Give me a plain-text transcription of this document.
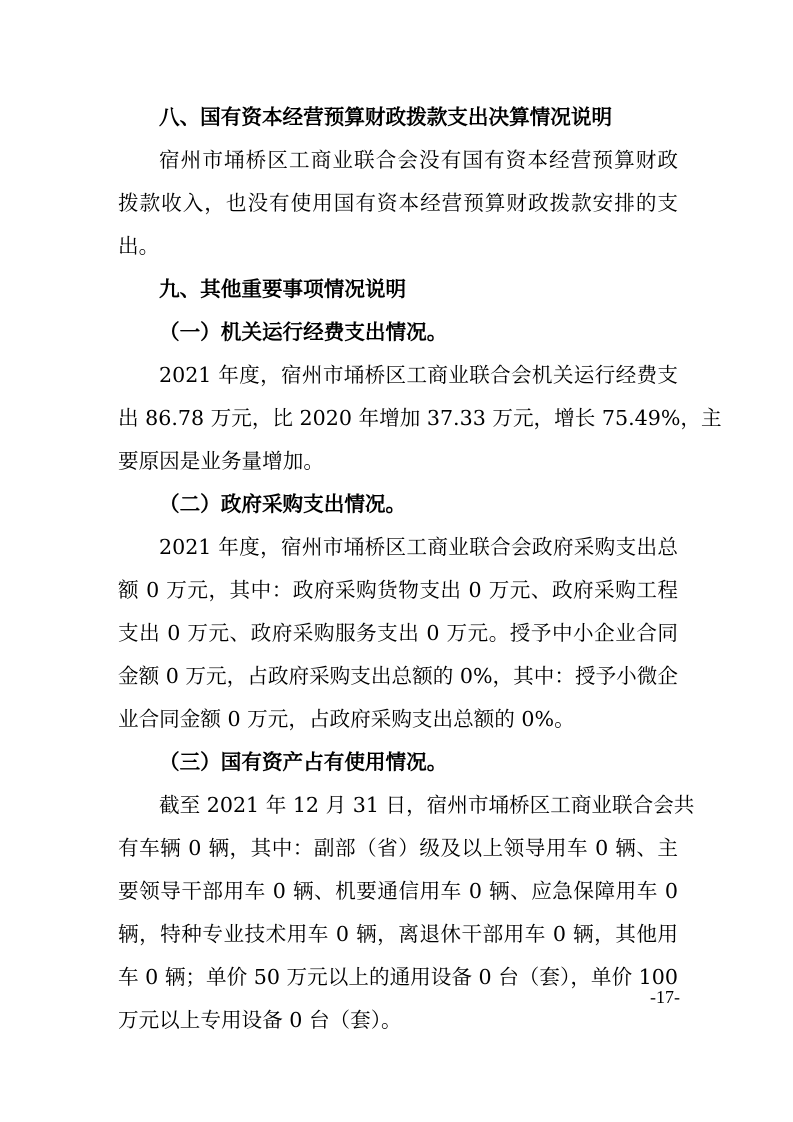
八、国有资本经营预算财政拨款支出决算情况说明
宿州市埇桥区工商业联合会没有国有资本经营预算财政
拨款收入，也没有使用国有资本经营预算财政拨款安排的支
出。
九、其他重要事项情况说明
（一）机关运行经费支出情况。
2021 年度，宿州市埇桥区工商业联合会机关运行经费支
出 86.78 万元，比 2020 年增加 37.33 万元，增长 75.49%，主
要原因是业务量增加。
（二）政府采购支出情况。
2021 年度，宿州市埇桥区工商业联合会政府采购支出总
额 0 万元，其中：政府采购货物支出 0 万元、政府采购工程
支出 0 万元、政府采购服务支出 0 万元。授予中小企业合同
金额 0 万元，占政府采购支出总额的 0%，其中：授予小微企
业合同金额 0 万元，占政府采购支出总额的 0%。
（三）国有资产占有使用情况。
截至 2021 年 12 月 31 日，宿州市埇桥区工商业联合会共
有车辆 0 辆，其中：副部（省）级及以上领导用车 0 辆、主
要领导干部用车 0 辆、机要通信用车 0 辆、应急保障用车 0
辆，特种专业技术用车 0 辆，离退休干部用车 0 辆，其他用
车 0 辆；单价 50 万元以上的通用设备 0 台（套），单价 100
万元以上专用设备 0 台（套）。
-17-
